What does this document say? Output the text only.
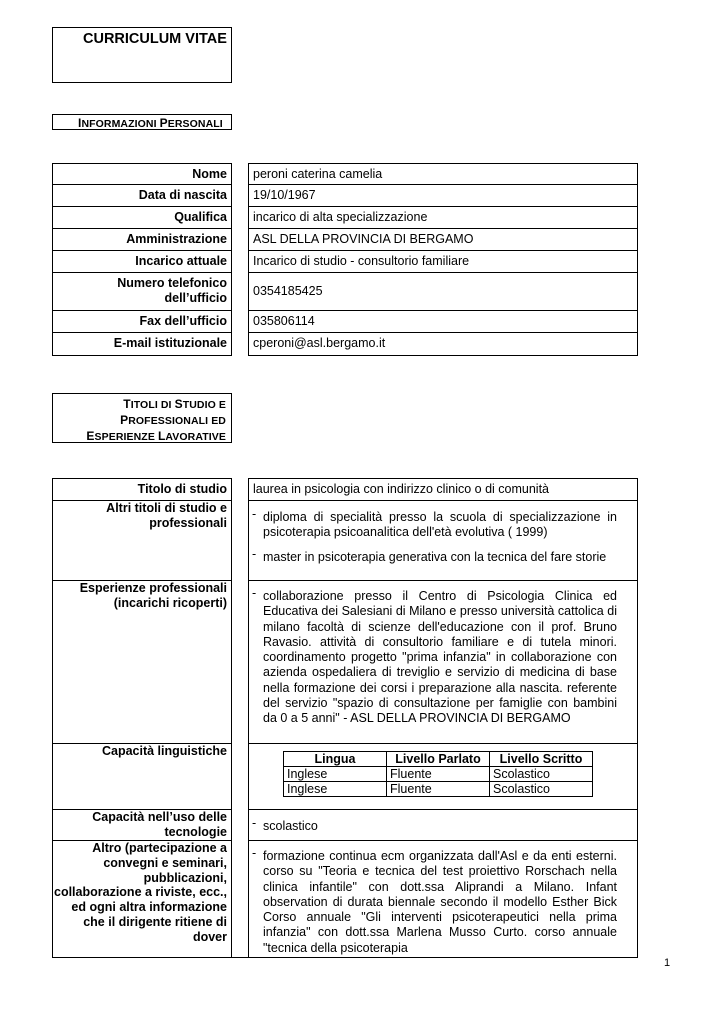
CURRICULUM VITAE
INFORMAZIONI PERSONALI
Nome	peroni caterina camelia
Data di nascita	19/10/1967
Qualifica	incarico di alta specializzazione
Amministrazione	ASL DELLA PROVINCIA DI BERGAMO
Incarico attuale	Incarico di studio - consultorio familiare
Numero telefonico dell’ufficio	0354185425
Fax dell’ufficio	035806114
E-mail istituzionale	cperoni@asl.bergamo.it
TITOLI DI STUDIO E
PROFESSIONALI ED
ESPERIENZE LAVORATIVE
Titolo di studio	laurea in psicologia con indirizzo clinico o di comunità
Altri titoli di studio e professionali
- diploma di specialità presso la scuola di specializzazione in psicoterapia psicoanalitica dell'età evolutiva ( 1999)
- master in psicoterapia generativa con la tecnica del fare storie
Esperienze professionali (incarichi ricoperti)
- collaborazione presso il Centro di Psicologia Clinica ed Educativa dei Salesiani di Milano e presso università cattolica di milano facoltà di scienze dell'educazione con il prof. Bruno Ravasio. attività di consultorio familiare e di tutela minori. coordinamento progetto "prima infanzia" in collaborazione con azienda ospedaliera di treviglio e servizio di medicina di base nella formazione dei corsi i preparazione alla nascita. referente del servizio "spazio di consultazione per famiglie con bambini da 0 a 5 anni" - ASL DELLA PROVINCIA DI BERGAMO
Capacità linguistiche
Lingua	Livello Parlato	Livello Scritto
Inglese	Fluente	Scolastico
Inglese	Fluente	Scolastico
Capacità nell’uso delle tecnologie
- scolastico
Altro (partecipazione a convegni e seminari, pubblicazioni, collaborazione a riviste, ecc., ed ogni altra informazione che il dirigente ritiene di dover
- formazione continua ecm organizzata dall'Asl e da enti esterni. corso su "Teoria e tecnica del test proiettivo Rorschach nella clinica infantile" con dott.ssa Aliprandi a Milano. Infant observation di durata biennale secondo il modello Esther Bick Corso annuale "Gli interventi psicoterapeutici nella prima infanzia" con dott.ssa Marlena Musso Curto. corso annuale "tecnica della psicoterapia
1
